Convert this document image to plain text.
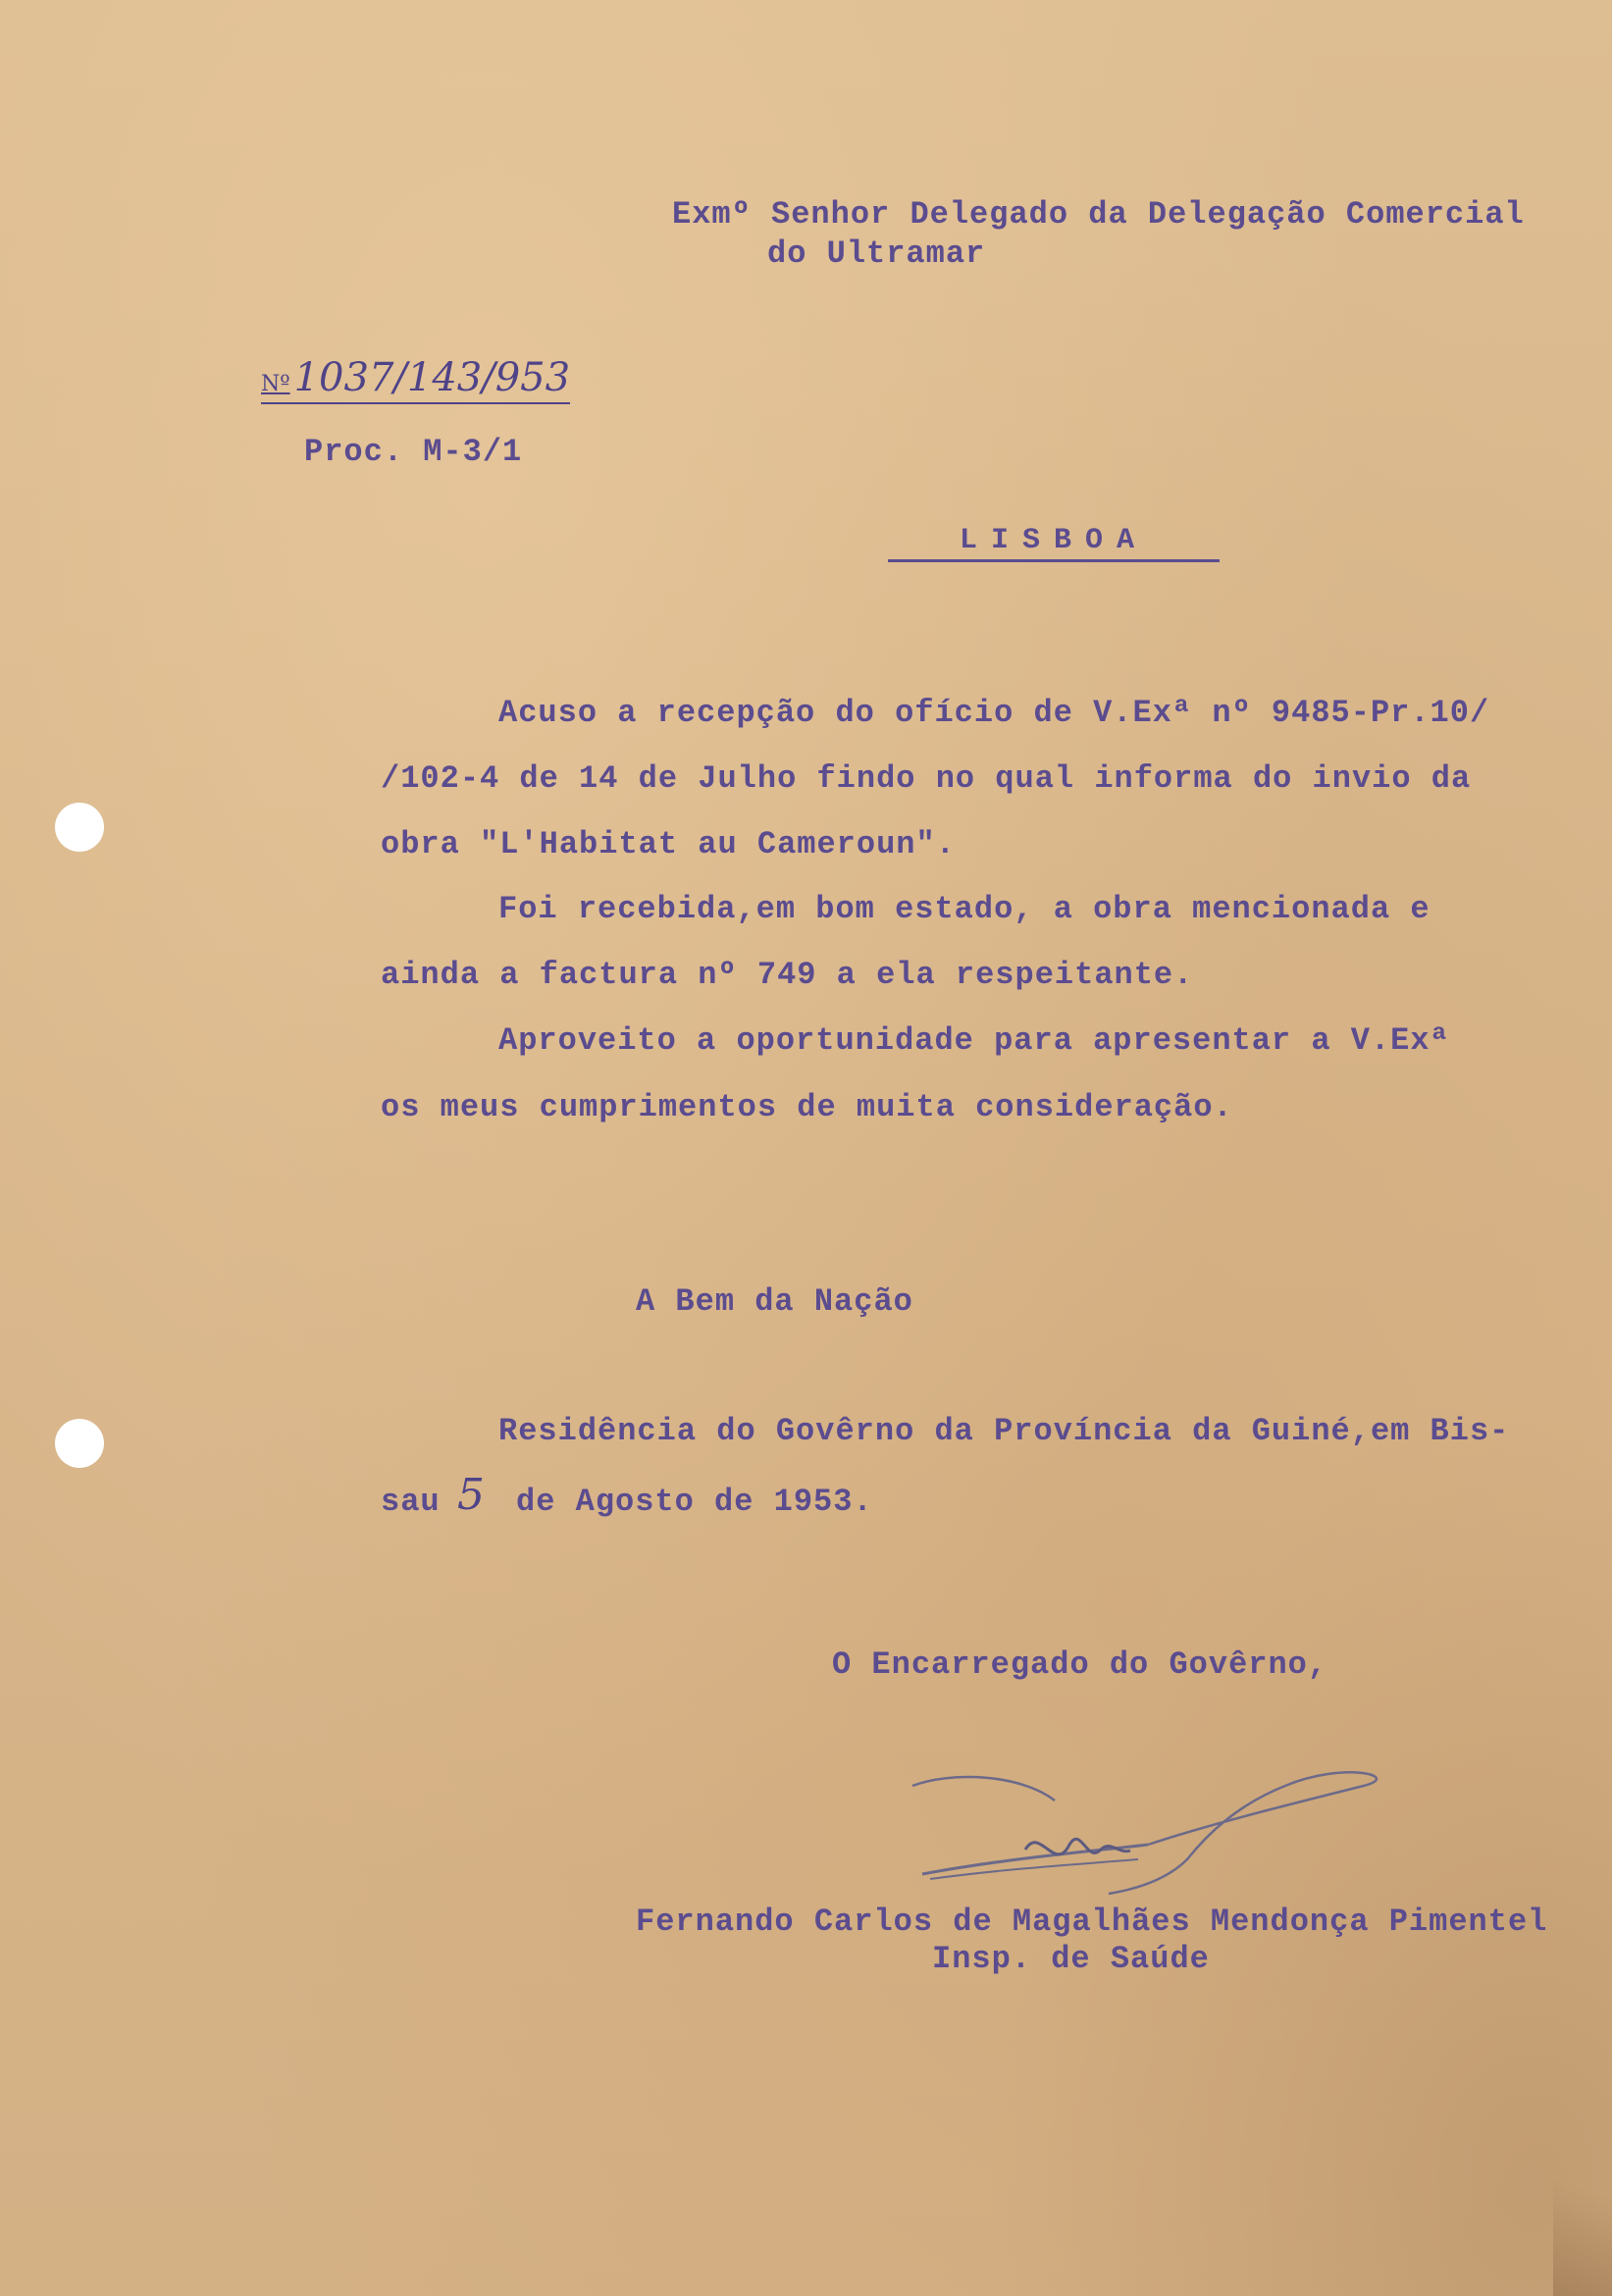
Exmº Senhor Delegado da Delegação Comercial
do Ultramar
Nº 1037/143/953
Proc. M-3/1
LISBOA
Acuso a recepção do ofício de V.Exª nº 9485-Pr.10/
/102-4 de 14 de Julho findo no qual informa do invio da
obra "L'Habitat au Cameroun".
Foi recebida,em bom estado, a obra mencionada e
ainda a factura nº 749 a ela respeitante.
Aproveito a oportunidade para apresentar a V.Exª
os meus cumprimentos de muita consideração.
A Bem da Nação
Residência do Govêrno da Província da Guiné,em Bis-
sau 5 de Agosto de 1953.
O Encarregado do Govêrno,
Fernando Carlos de Magalhães Mendonça Pimentel
Insp. de Saúde
